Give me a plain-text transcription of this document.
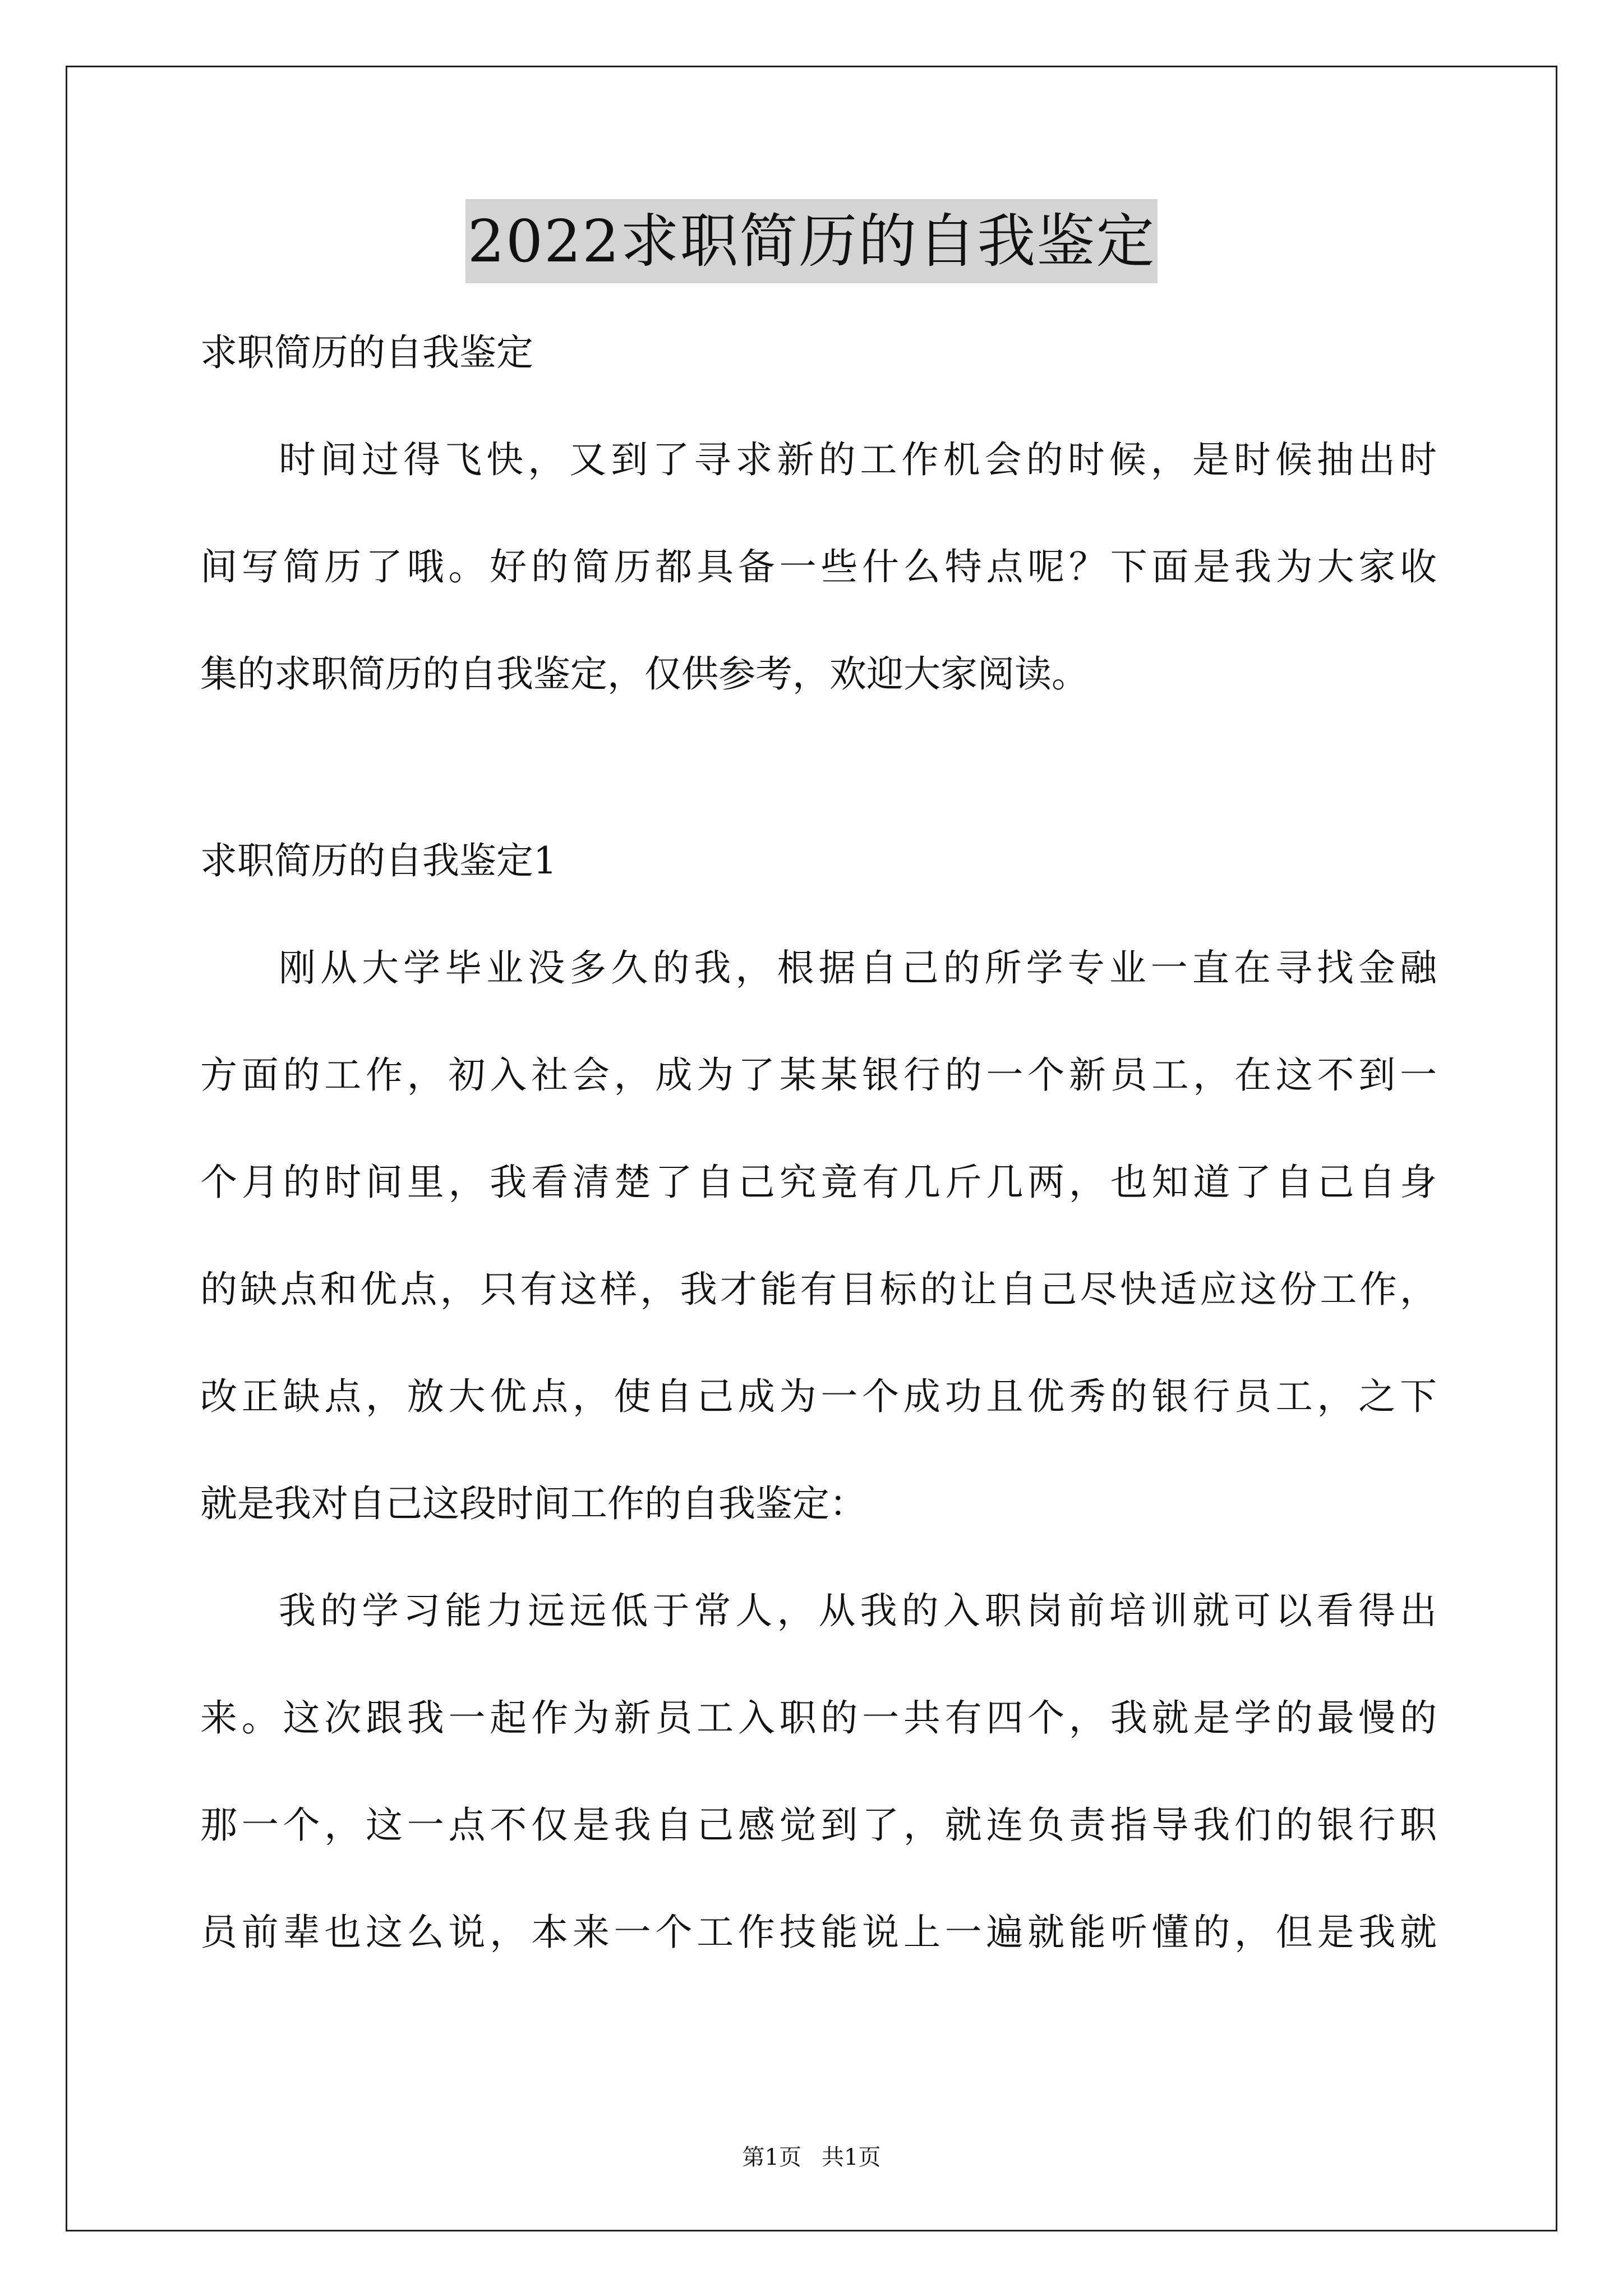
2022求职简历的自我鉴定
求职简历的自我鉴定
时间过得飞快，又到了寻求新的工作机会的时候，是时候抽出时
间写简历了哦。好的简历都具备一些什么特点呢？下面是我为大家收
集的求职简历的自我鉴定，仅供参考，欢迎大家阅读。
求职简历的自我鉴定1
刚从大学毕业没多久的我，根据自己的所学专业一直在寻找金融
方面的工作，初入社会，成为了某某银行的一个新员工，在这不到一
个月的时间里，我看清楚了自己究竟有几斤几两，也知道了自己自身
的缺点和优点，只有这样，我才能有目标的让自己尽快适应这份工作，
改正缺点，放大优点，使自己成为一个成功且优秀的银行员工，之下
就是我对自己这段时间工作的自我鉴定：
我的学习能力远远低于常人，从我的入职岗前培训就可以看得出
来。这次跟我一起作为新员工入职的一共有四个，我就是学的最慢的
那一个，这一点不仅是我自己感觉到了，就连负责指导我们的银行职
员前辈也这么说，本来一个工作技能说上一遍就能听懂的，但是我就
第1页 共1页
